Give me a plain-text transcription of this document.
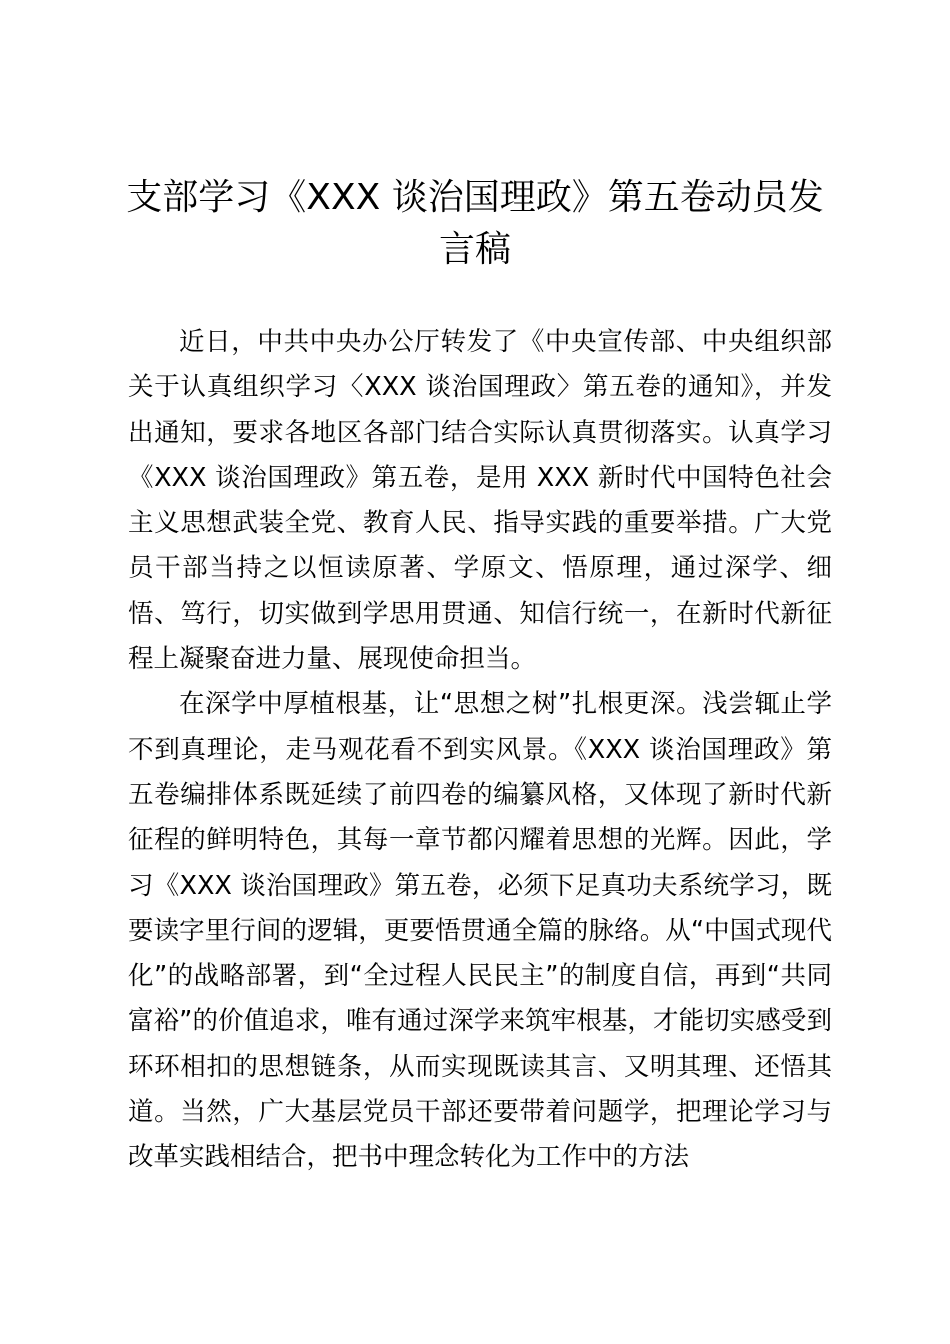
支部学习《XXX 谈治国理政》第五卷动员发言稿

近日，中共中央办公厅转发了《中央宣传部、中央组织部关于认真组织学习〈XXX 谈治国理政〉第五卷的通知》，并发出通知，要求各地区各部门结合实际认真贯彻落实。认真学习《XXX 谈治国理政》第五卷，是用 XXX 新时代中国特色社会主义思想武装全党、教育人民、指导实践的重要举措。广大党员干部当持之以恒读原著、学原文、悟原理，通过深学、细悟、笃行，切实做到学思用贯通、知信行统一，在新时代新征程上凝聚奋进力量、展现使命担当。

在深学中厚植根基，让“思想之树”扎根更深。浅尝辄止学不到真理论，走马观花看不到实风景。《XXX 谈治国理政》第五卷编排体系既延续了前四卷的编纂风格，又体现了新时代新征程的鲜明特色，其每一章节都闪耀着思想的光辉。因此，学习《XXX 谈治国理政》第五卷，必须下足真功夫系统学习，既要读字里行间的逻辑，更要悟贯通全篇的脉络。从“中国式现代化”的战略部署，到“全过程人民民主”的制度自信，再到“共同富裕”的价值追求，唯有通过深学来筑牢根基，才能切实感受到环环相扣的思想链条，从而实现既读其言、又明其理、还悟其道。当然，广大基层党员干部还要带着问题学，把理论学习与改革实践相结合，把书中理念转化为工作中的方法
